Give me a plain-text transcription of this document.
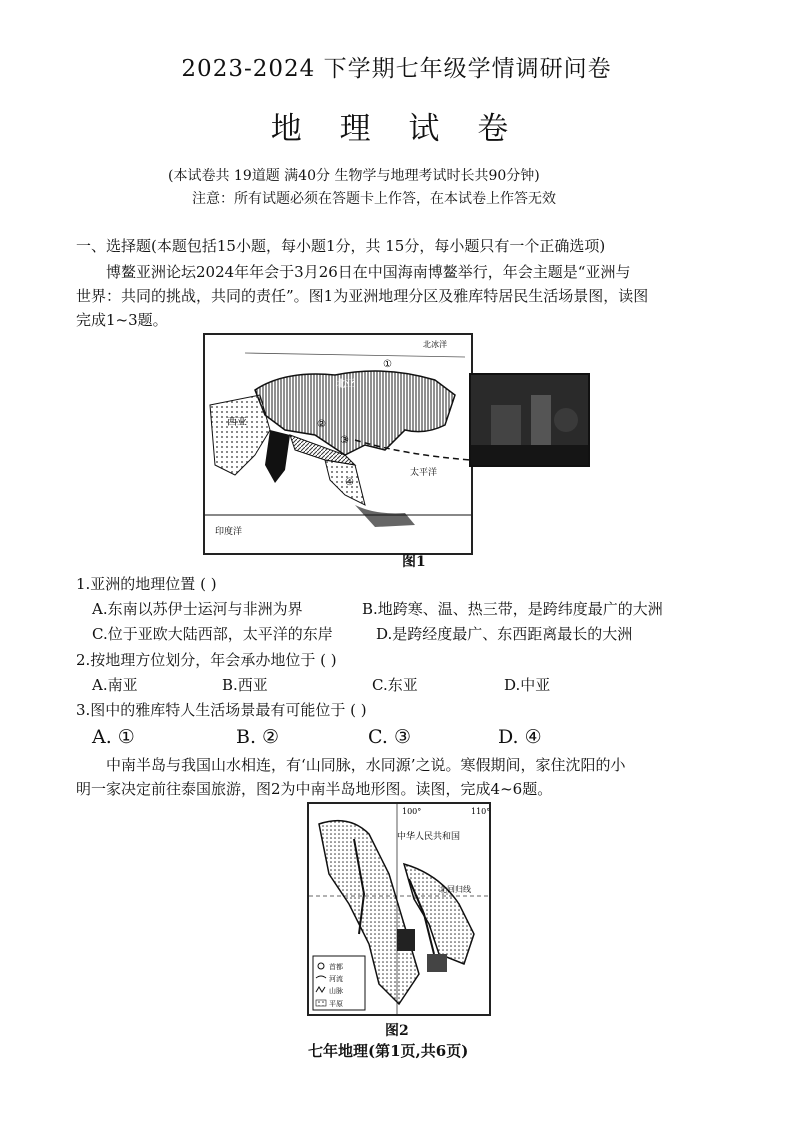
2023-2024 下学期七年级学情调研问卷
地 理 试 卷
(本试卷共 19道题 满40分 生物学与地理考试时长共90分钟)
注意：所有试题必须在答题卡上作答，在本试卷上作答无效
一、选择题(本题包括15小题，每小题1分，共 15分，每小题只有一个正确选项)
博鳌亚洲论坛2024年年会于3月26日在中国海南博鳌举行，年会主题是“亚洲与
世界：共同的挑战，共同的责任”。图1为亚洲地理分区及雅库特居民生活场景图，读图
完成1~3题。
北冰洋
北亚
西亚
太平洋
印度洋
①
②
③
④
图1
1.亚洲的地理位置 ( )
A.东南以苏伊士运河与非洲为界	B.地跨寒、温、热三带，是跨纬度最广的大洲
C.位于亚欧大陆西部，太平洋的东岸	D.是跨经度最广、东西距离最长的大洲
2.按地理方位划分，年会承办地位于 ( )
A.南亚	B.西亚	C.东亚	D.中亚
3.图中的雅库特人生活场景最有可能位于 ( )
A. ①	B. ②	C. ③	D. ④
中南半岛与我国山水相连，有‘山同脉，水同源’之说。寒假期间，家住沈阳的小
明一家决定前往泰国旅游，图2为中南半岛地形图。读图，完成4~6题。
100°	110°
中华人民共和国
北回归线
首都
河流
山脉
平原
图2
七年地理(第1页,共6页)
